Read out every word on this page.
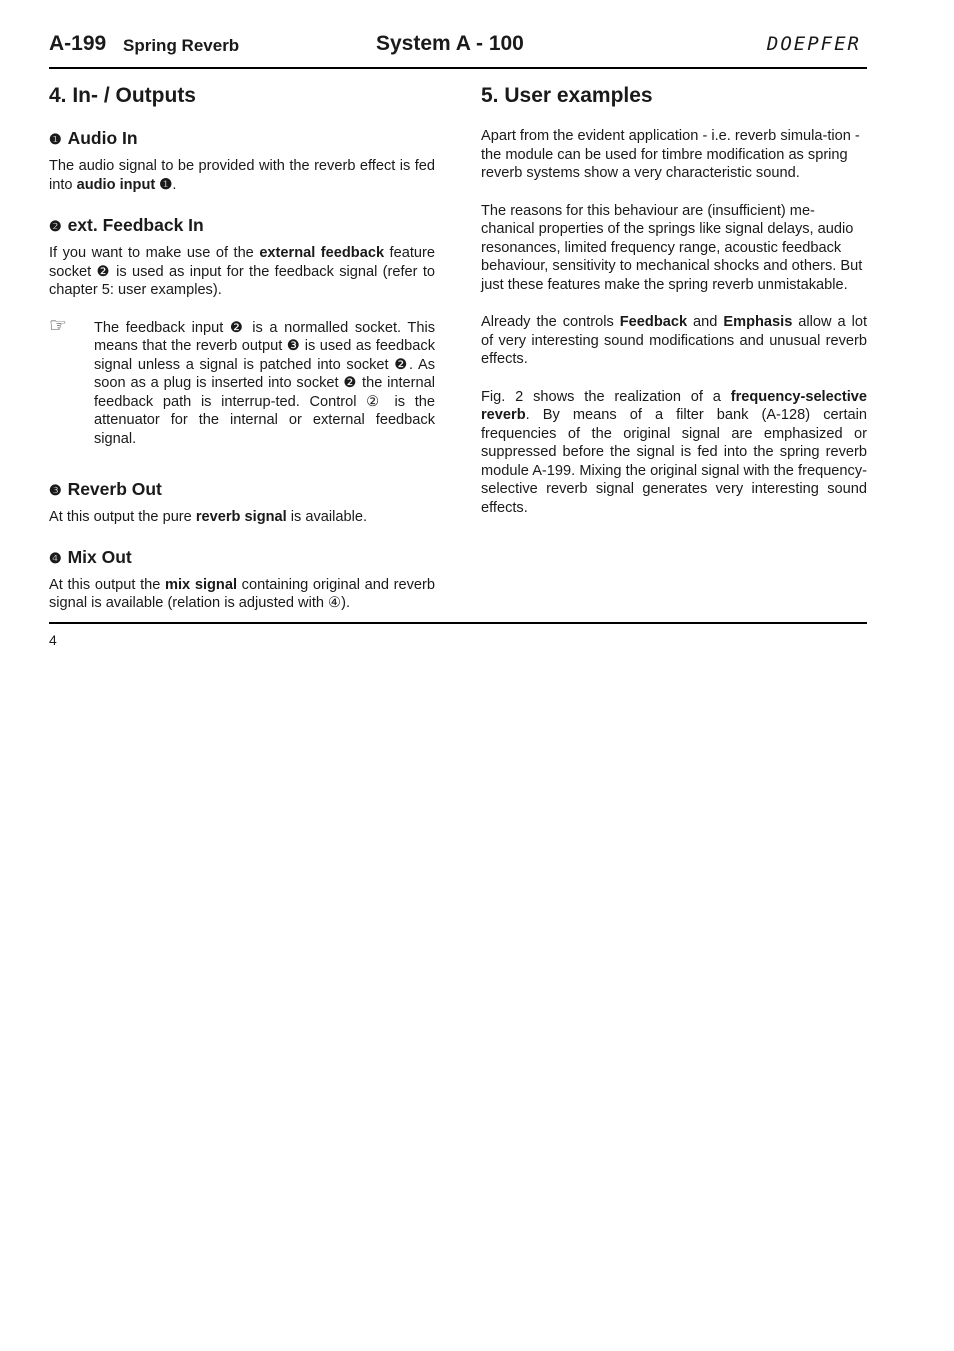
A-199 Spring Reverb	System A - 100	DOEPFER
4. In- / Outputs
❶ Audio In

The audio signal to be provided with the reverb effect is fed into audio input ❶.

❷ ext. Feedback In

If you want to make use of the external feedback feature socket ❷ is used as input for the feedback signal (refer to chapter 5: user examples).

☞ The feedback input ❷ is a normalled socket. This means that the reverb output ❸ is used as feedback signal unless a signal is patched into socket ❷. As soon as a plug is inserted into socket ❷ the internal feedback path is interrup-ted. Control ② is the attenuator for the internal or external feedback signal.
❸ Reverb Out

At this output the pure reverb signal is available.

❹ Mix Out

At this output the mix signal containing original and reverb signal is available (relation is adjusted with ④).

5. User examples

Apart from the evident application - i.e. reverb simula-tion - the module can be used for timbre modification as spring reverb systems show a very characteristic sound.

The reasons for this behaviour are (insufficient) me-chanical properties of the springs like signal delays, audio resonances, limited frequency range, acoustic feedback behaviour, sensitivity to mechanical shocks and others. But just these features make the spring reverb unmistakable.

Already the controls Feedback and Emphasis allow a lot of very interesting sound modifications and unusual reverb effects.

Fig. 2 shows the realization of a frequency-selective reverb. By means of a filter bank (A-128) certain frequencies of the original signal are emphasized or suppressed before the signal is fed into the spring reverb module A-199. Mixing the original signal with the frequency-selective reverb signal generates very interesting sound effects.

4
